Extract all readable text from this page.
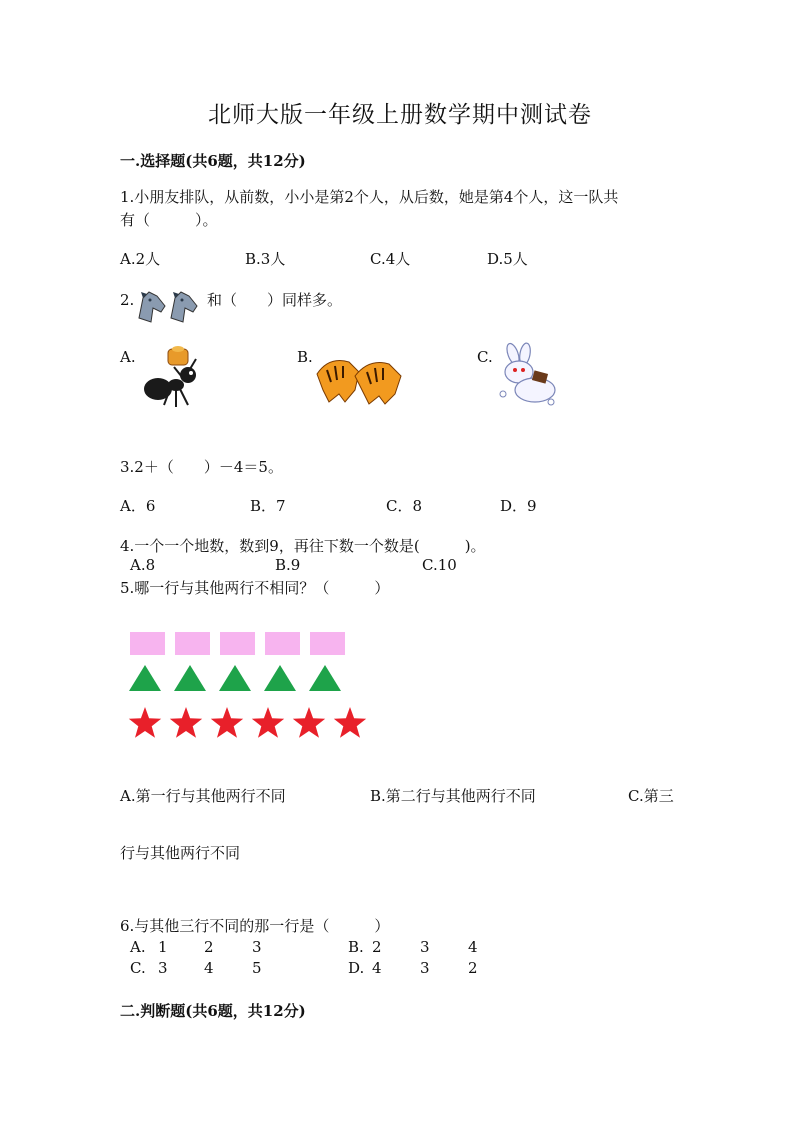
北师大版一年级上册数学期中测试卷
一.选择题(共6题，共12分)
1.小朋友排队，从前数，小小是第2个人，从后数，她是第4个人，这一队共
有（　　　）。
A.2人	B.3人	C.4人	D.5人
2.	和（　　）同样多。
A.	B.	C.
3.2＋（　　）－4＝5。
A．6	B．7	C．8	D．9
4.一个一个地数，数到9，再往下数一个数是(　　　)。
A.8	B.9	C.10
5.哪一行与其他两行不相同？（　　　）
A.第一行与其他两行不同	B.第二行与其他两行不同	C.第三
行与其他两行不同
6.与其他三行不同的那一行是（　　　）
A. 1 2	3	B. 2	3	4
C. 3 4	5	D. 4	3	2
二.判断题(共6题，共12分)
